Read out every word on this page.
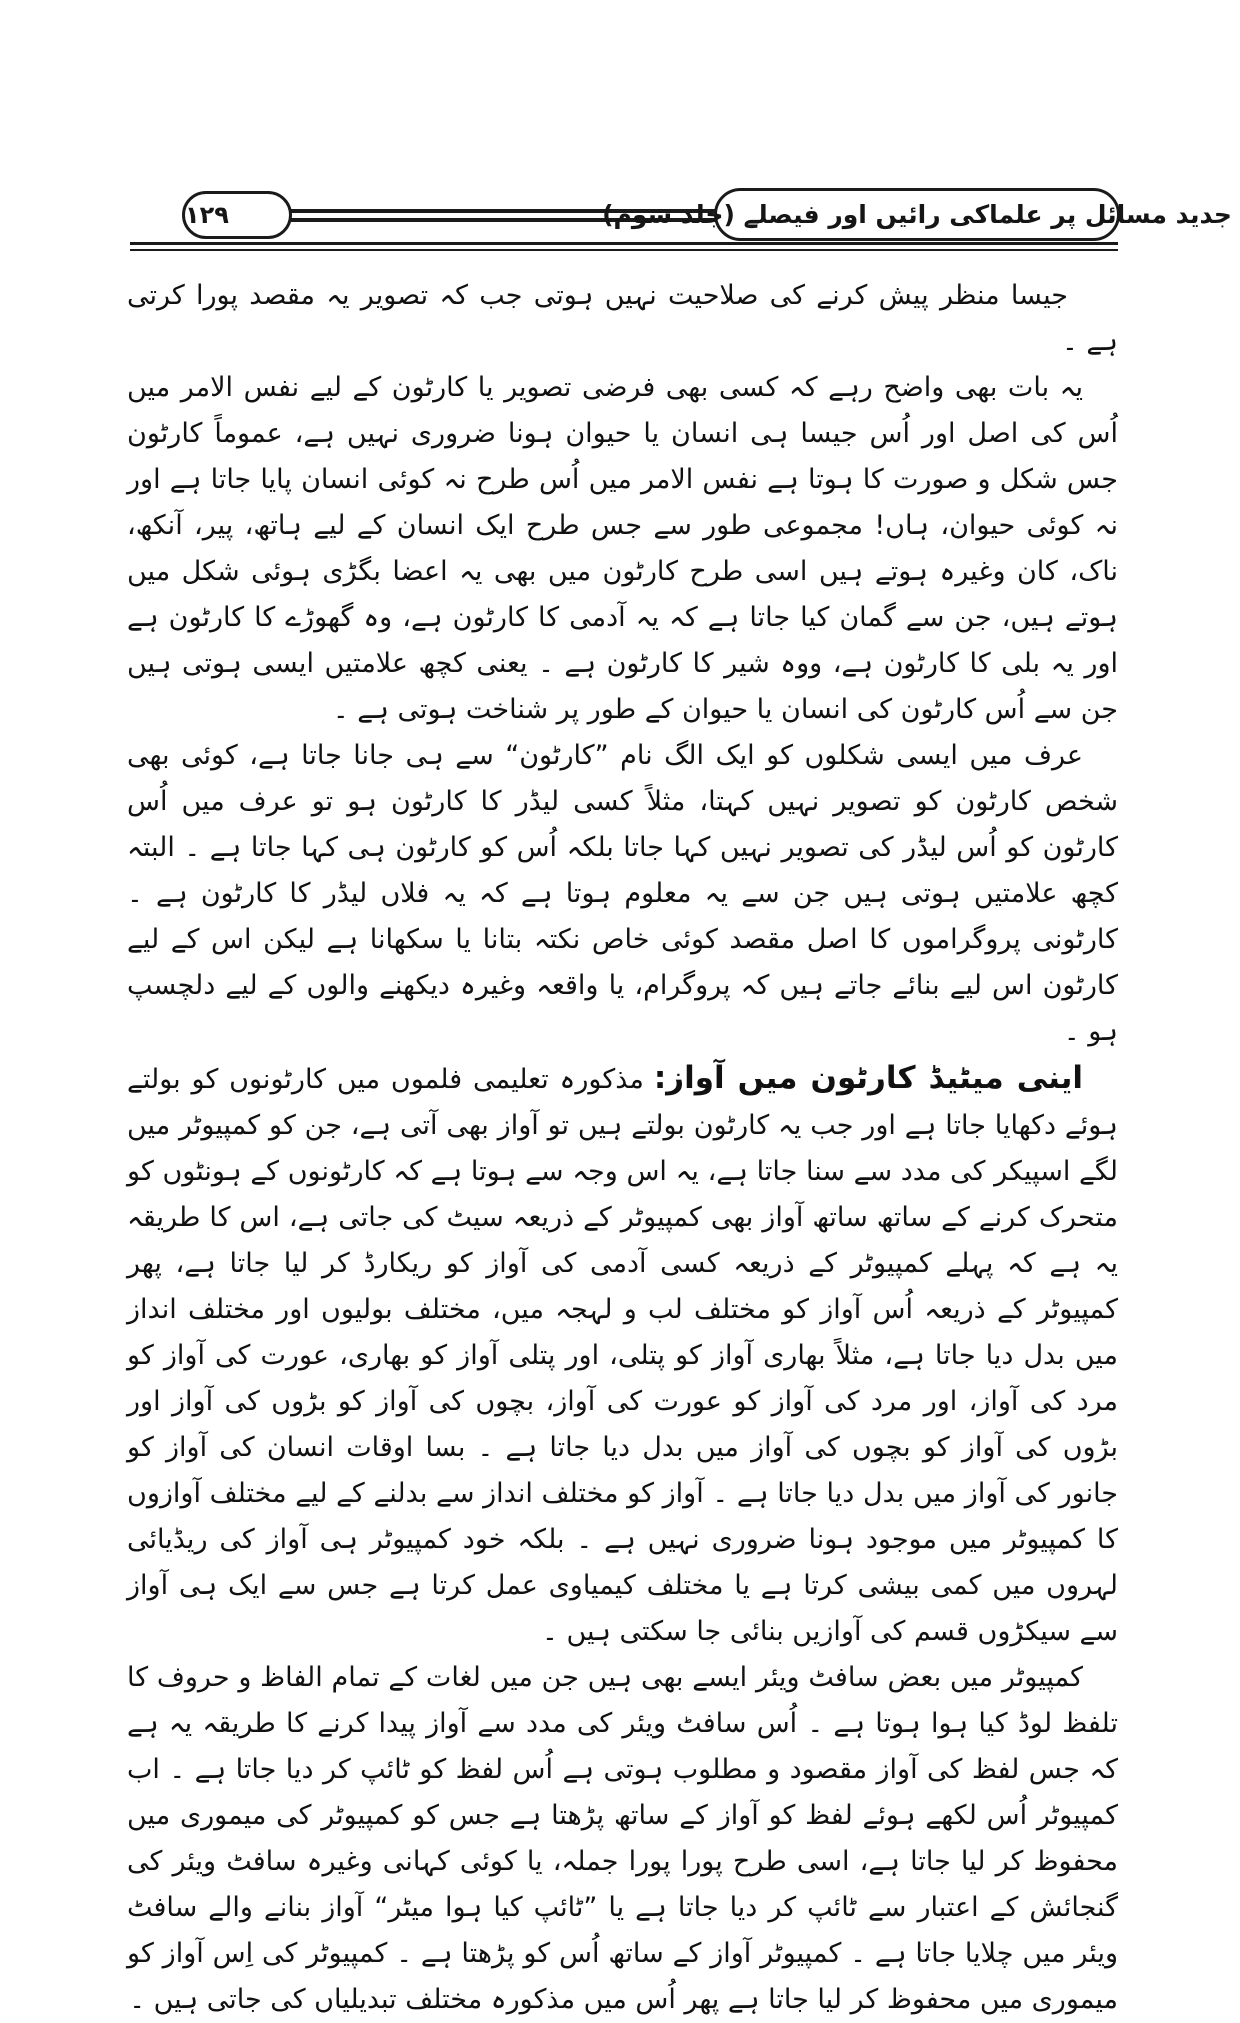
۱۲۹	جدید مسائل پر علماکی رائیں اور فیصلے (جلد سوم)

جیسا منظر پیش کرنے کی صلاحیت نہیں ہوتی جب کہ تصویر یہ مقصد پورا کرتی ہے ۔

یہ بات بھی واضح رہے کہ کسی بھی فرضی تصویر یا کارٹون کے لیے نفس الامر میں اُس کی اصل اور اُس جیسا ہی انسان یا حیوان ہونا ضروری نہیں ہے، عموماً کارٹون جس شکل و صورت کا ہوتا ہے نفس الامر میں اُس طرح نہ کوئی انسان پایا جاتا ہے اور نہ کوئی حیوان، ہاں! مجموعی طور سے جس طرح ایک انسان کے لیے ہاتھ، پیر، آنکھ، ناک، کان وغیرہ ہوتے ہیں اسی طرح کارٹون میں بھی یہ اعضا بگڑی ہوئی شکل میں ہوتے ہیں، جن سے گمان کیا جاتا ہے کہ یہ آدمی کا کارٹون ہے، وہ گھوڑے کا کارٹون ہے اور یہ بلی کا کارٹون ہے، ووہ شیر کا کارٹون ہے ۔ یعنی کچھ علامتیں ایسی ہوتی ہیں جن سے اُس کارٹون کی انسان یا حیوان کے طور پر شناخت ہوتی ہے ۔

عرف میں ایسی شکلوں کو ایک الگ نام ”کارٹون“ سے ہی جانا جاتا ہے، کوئی بھی شخص کارٹون کو تصویر نہیں کہتا، مثلاً کسی لیڈر کا کارٹون ہو تو عرف میں اُس کارٹون کو اُس لیڈر کی تصویر نہیں کہا جاتا بلکہ اُس کو کارٹون ہی کہا جاتا ہے ۔ البتہ کچھ علامتیں ہوتی ہیں جن سے یہ معلوم ہوتا ہے کہ یہ فلاں لیڈر کا کارٹون ہے ۔ کارٹونی پروگراموں کا اصل مقصد کوئی خاص نکتہ بتانا یا سکھانا ہے لیکن اس کے لیے کارٹون اس لیے بنائے جاتے ہیں کہ پروگرام، یا واقعہ وغیرہ دیکھنے والوں کے لیے دلچسپ ہو ۔

اینی میٹیڈ کارٹون میں آواز:مذکورہ تعلیمی فلموں میں کارٹونوں کو بولتے ہوئے دکھایا جاتا ہے اور جب یہ کارٹون بولتے ہیں تو آواز بھی آتی ہے، جن کو کمپیوٹر میں لگے اسپیکر کی مدد سے سنا جاتا ہے، یہ اس وجہ سے ہوتا ہے کہ کارٹونوں کے ہونٹوں کو متحرک کرنے کے ساتھ ساتھ آواز بھی کمپیوٹر کے ذریعہ سیٹ کی جاتی ہے، اس کا طریقہ یہ ہے کہ پہلے کمپیوٹر کے ذریعہ کسی آدمی کی آواز کو ریکارڈ کر لیا جاتا ہے، پھر کمپیوٹر کے ذریعہ اُس آواز کو مختلف لب و لہجہ میں، مختلف بولیوں اور مختلف انداز میں بدل دیا جاتا ہے، مثلاً بھاری آواز کو پتلی، اور پتلی آواز کو بھاری، عورت کی آواز کو مرد کی آواز، اور مرد کی آواز کو عورت کی آواز، بچوں کی آواز کو بڑوں کی آواز اور بڑوں کی آواز کو بچوں کی آواز میں بدل دیا جاتا ہے ۔ بسا اوقات انسان کی آواز کو جانور کی آواز میں بدل دیا جاتا ہے ۔ آواز کو مختلف انداز سے بدلنے کے لیے مختلف آوازوں کا کمپیوٹر میں موجود ہونا ضروری نہیں ہے ۔ بلکہ خود کمپیوٹر ہی آواز کی ریڈیائی لہروں میں کمی بیشی کرتا ہے یا مختلف کیمیاوی عمل کرتا ہے جس سے ایک ہی آواز سے سیکڑوں قسم کی آوازیں بنائی جا سکتی ہیں ۔

کمپیوٹر میں بعض سافٹ ویئر ایسے بھی ہیں جن میں لغات کے تمام الفاظ و حروف کا تلفظ لوڈ کیا ہوا ہوتا ہے ۔ اُس سافٹ ویئر کی مدد سے آواز پیدا کرنے کا طریقہ یہ ہے کہ جس لفظ کی آواز مقصود و مطلوب ہوتی ہے اُس لفظ کو ٹائپ کر دیا جاتا ہے ۔ اب کمپیوٹر اُس لکھے ہوئے لفظ کو آواز کے ساتھ پڑھتا ہے جس کو کمپیوٹر کی میموری میں محفوظ کر لیا جاتا ہے، اسی طرح پورا پورا جملہ، یا کوئی کہانی وغیرہ سافٹ ویئر کی گنجائش کے اعتبار سے ٹائپ کر دیا جاتا ہے یا ”ٹائپ کیا ہوا میٹر“ آواز بنانے والے سافٹ ویئر میں چلایا جاتا ہے ۔ کمپیوٹر آواز کے ساتھ اُس کو پڑھتا ہے ۔ کمپیوٹر کی اِس آواز کو میموری میں محفوظ کر لیا جاتا ہے پھر اُس میں مذکورہ مختلف تبدیلیاں کی جاتی ہیں ۔
